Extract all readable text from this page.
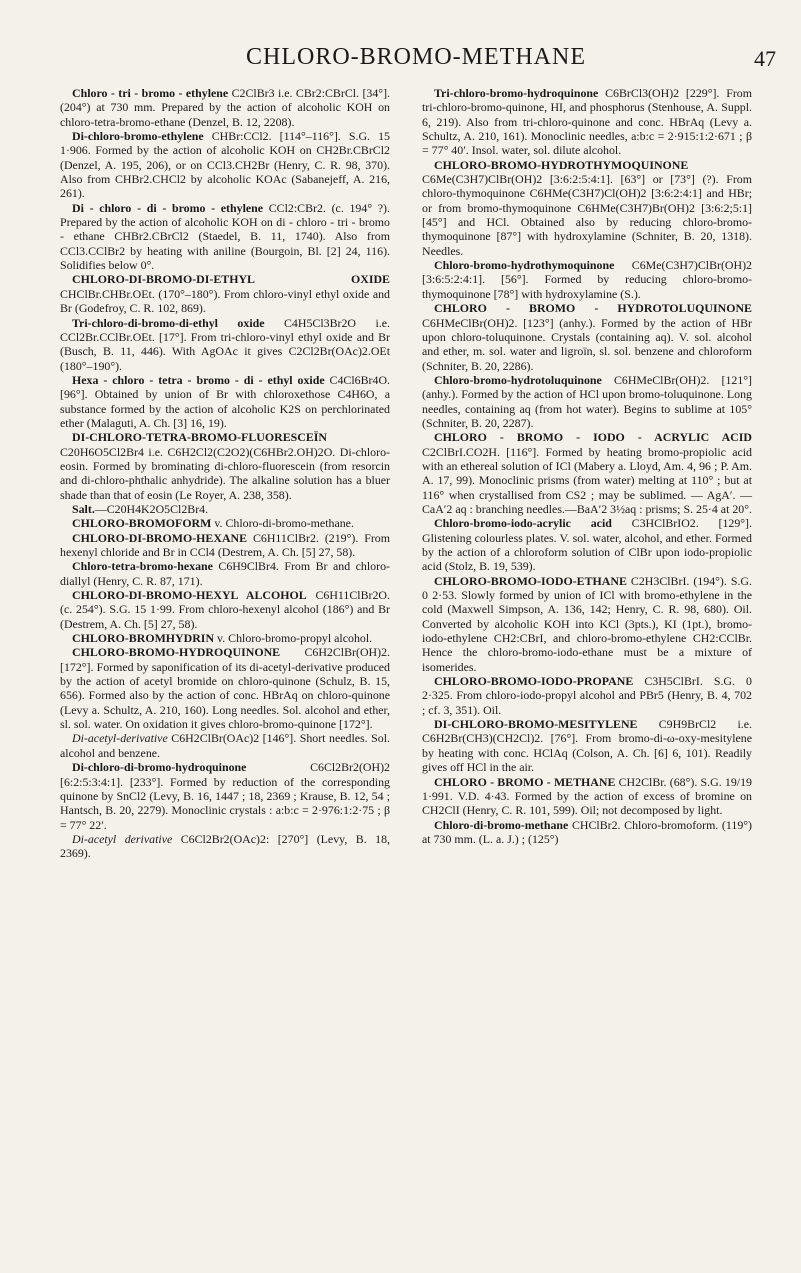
CHLORO-BROMO-METHANE	47

Chloro - tri - bromo - ethylene C2ClBr3 i.e. CBr2:CBrCl. [34°]. (204°) at 730 mm. Prepared by the action of alcoholic KOH on chloro-tetra-bromo-ethane (Denzel, B. 12, 2208).

Di-chloro-bromo-ethylene CHBr:CCl2. [114°–116°]. S.G. 15 1·906. Formed by the action of alcoholic KOH on CH2Br.CBrCl2 (Denzel, A. 195, 206), or on CCl3.CH2Br (Henry, C. R. 98, 370). Also from CHBr2.CHCl2 by alcoholic KOAc (Sabanejeff, A. 216, 261).

Di - chloro - di - bromo - ethylene CCl2:CBr2. (c. 194° ?). Prepared by the action of alcoholic KOH on di - chloro - tri - bromo - ethane CHBr2.CBrCl2 (Staedel, B. 11, 1740). Also from CCl3.CClBr2 by heating with aniline (Bourgoin, Bl. [2] 24, 116). Solidifies below 0°.

CHLORO-DI-BROMO-DI-ETHYL OXIDE CHClBr.CHBr.OEt. (170°–180°). From chloro-vinyl ethyl oxide and Br (Godefroy, C. R. 102, 869).

Tri-chloro-di-bromo-di-ethyl oxide C4H5Cl3Br2O i.e. CCl2Br.CClBr.OEt. [17°]. From tri-chloro-vinyl ethyl oxide and Br (Busch, B. 11, 446). With AgOAc it gives C2Cl2Br(OAc)2.OEt (180°–190°).

Hexa - chloro - tetra - bromo - di - ethyl oxide C4Cl6Br4O. [96°]. Obtained by union of Br with chloroxethose C4H6O, a substance formed by the action of alcoholic K2S on perchlorinated ether (Malaguti, A. Ch. [3] 16, 19).

DI-CHLORO-TETRA-BROMO-FLUORESCEÏN C20H6O5Cl2Br4 i.e. C6H2Cl2(C2O2)(C6HBr2.OH)2O. Di-chloro-eosin. Formed by brominating di-chloro-fluorescein (from resorcin and di-chloro-phthalic anhydride). The alkaline solution has a bluer shade than that of eosin (Le Royer, A. 238, 358).

Salt.—C20H4K2O5Cl2Br4.

CHLORO-BROMOFORM v. Chloro-di-bromo-methane.

CHLORO-DI-BROMO-HEXANE C6H11ClBr2. (219°). From hexenyl chloride and Br in CCl4 (Destrem, A. Ch. [5] 27, 58).

Chloro-tetra-bromo-hexane C6H9ClBr4. From Br and chloro-diallyl (Henry, C. R. 87, 171).

CHLORO-DI-BROMO-HEXYL ALCOHOL C6H11ClBr2O. (c. 254°). S.G. 15 1·99. From chloro-hexenyl alcohol (186°) and Br (Destrem, A. Ch. [5] 27, 58).

CHLORO-BROMHYDRIN v. Chloro-bromo-propyl alcohol.

CHLORO-BROMO-HYDROQUINONE C6H2ClBr(OH)2. [172°]. Formed by saponification of its di-acetyl-derivative produced by the action of acetyl bromide on chloro-quinone (Schulz, B. 15, 656). Formed also by the action of conc. HBrAq on chloro-quinone (Levy a. Schultz, A. 210, 160). Long needles. Sol. alcohol and ether, sl. sol. water. On oxidation it gives chloro-bromo-quinone [172°].

Di-acetyl-derivative C6H2ClBr(OAc)2 [146°]. Short needles. Sol. alcohol and benzene.

Di-chloro-di-bromo-hydroquinone	C6Cl2Br2(OH)2 [6:2:5:3:4:1]. [233°]. Formed by reduction of the corresponding quinone by SnCl2 (Levy, B. 16, 1447 ; 18, 2369 ; Krause, B. 12, 54 ; Hantsch, B. 20, 2279). Monoclinic crystals : a:b:c = 2·976:1:2·75 ; β = 77° 22′.

Di-acetyl derivative C6Cl2Br2(OAc)2: [270°] (Levy, B. 18, 2369).

Tri-chloro-bromo-hydroquinone C6BrCl3(OH)2 [229°]. From tri-chloro-bromo-quinone, HI, and phosphorus (Stenhouse, A. Suppl. 6, 219). Also from tri-chloro-quinone and conc. HBrAq (Levy a. Schultz, A. 210, 161). Monoclinic needles, a:b:c = 2·915:1:2·671 ; β = 77° 40′. Insol. water, sol. dilute alcohol.

CHLORO-BROMO-HYDROTHYMOQUINONE C6Me(C3H7)ClBr(OH)2 [3:6:2:5:4:1]. [63°] or [73°] (?). From chloro-thymoquinone C6HMe(C3H7)Cl(OH)2 [3:6:2:4:1] and HBr; or from bromo-thymoquinone C6HMe(C3H7)Br(OH)2 [3:6:2;5:1] [45°] and HCl. Obtained also by reducing chloro-bromo-thymoquinone [87°] with hydroxylamine (Schniter, B. 20, 1318). Needles.

Chloro-bromo-hydrothymoquinone C6Me(C3H7)ClBr(OH)2 [3:6:5:2:4:1]. [56°]. Formed by reducing chloro-bromo-thymoquinone [78°] with hydroxylamine (S.).

CHLORO - BROMO - HYDROTOLUQUINONE C6HMeClBr(OH)2. [123°] (anhy.). Formed by the action of HBr upon chloro-toluquinone. Crystals (containing aq). V. sol. alcohol and ether, m. sol. water and ligroïn, sl. sol. benzene and chloroform (Schniter, B. 20, 2286).

Chloro-bromo-hydrotoluquinone C6HMeClBr(OH)2. [121°] (anhy.). Formed by the action of HCl upon bromo-toluquinone. Long needles, containing aq (from hot water). Begins to sublime at 105° (Schniter, B. 20, 2287).

CHLORO - BROMO - IODO - ACRYLIC ACID C2ClBrI.CO2H. [116°]. Formed by heating bromo-propiolic acid with an ethereal solution of ICl (Mabery a. Lloyd, Am. 4, 96 ; P. Am. A. 17, 99). Monoclinic prisms (from water) melting at 110° ; but at 116° when crystallised from CS2 ; may be sublimed. — AgA′. — CaA′2 aq : branching needles.—BaA′2 3½aq : prisms; S. 25·4 at 20°.

Chloro-bromo-iodo-acrylic acid C3HClBrIO2. [129°]. Glistening colourless plates. V. sol. water, alcohol, and ether. Formed by the action of a chloroform solution of ClBr upon iodo-propiolic acid (Stolz, B. 19, 539).

CHLORO-BROMO-IODO-ETHANE C2H3ClBrI. (194°). S.G. 0 2·53. Slowly formed by union of ICl with bromo-ethylene in the cold (Maxwell Simpson, A. 136, 142; Henry, C. R. 98, 680). Oil. Converted by alcoholic KOH into KCl (3pts.), KI (1pt.), bromo-iodo-ethylene CH2:CBrI, and chloro-bromo-ethylene CH2:CClBr. Hence the chloro-bromo-iodo-ethane must be a mixture of isomerides.

CHLORO-BROMO-IODO-PROPANE C3H5ClBrI. S.G. 0 2·325. From chloro-iodo-propyl alcohol and PBr5 (Henry, B. 4, 702 ; cf. 3, 351). Oil.

DI-CHLORO-BROMO-MESITYLENE C9H9BrCl2 i.e. C6H2Br(CH3)(CH2Cl)2. [76°]. From bromo-di-ω-oxy-mesitylene by heating with conc. HClAq (Colson, A. Ch. [6] 6, 101). Readily gives off HCl in the air.

CHLORO - BROMO - METHANE CH2ClBr. (68°). S.G. 19/19 1·991. V.D. 4·43. Formed by the action of excess of bromine on CH2ClI (Henry, C. R. 101, 599). Oil; not decomposed by light.

Chloro-di-bromo-methane CHClBr2. Chloro-bromoform. (119°) at 730 mm. (L. a. J.) ; (125°)
